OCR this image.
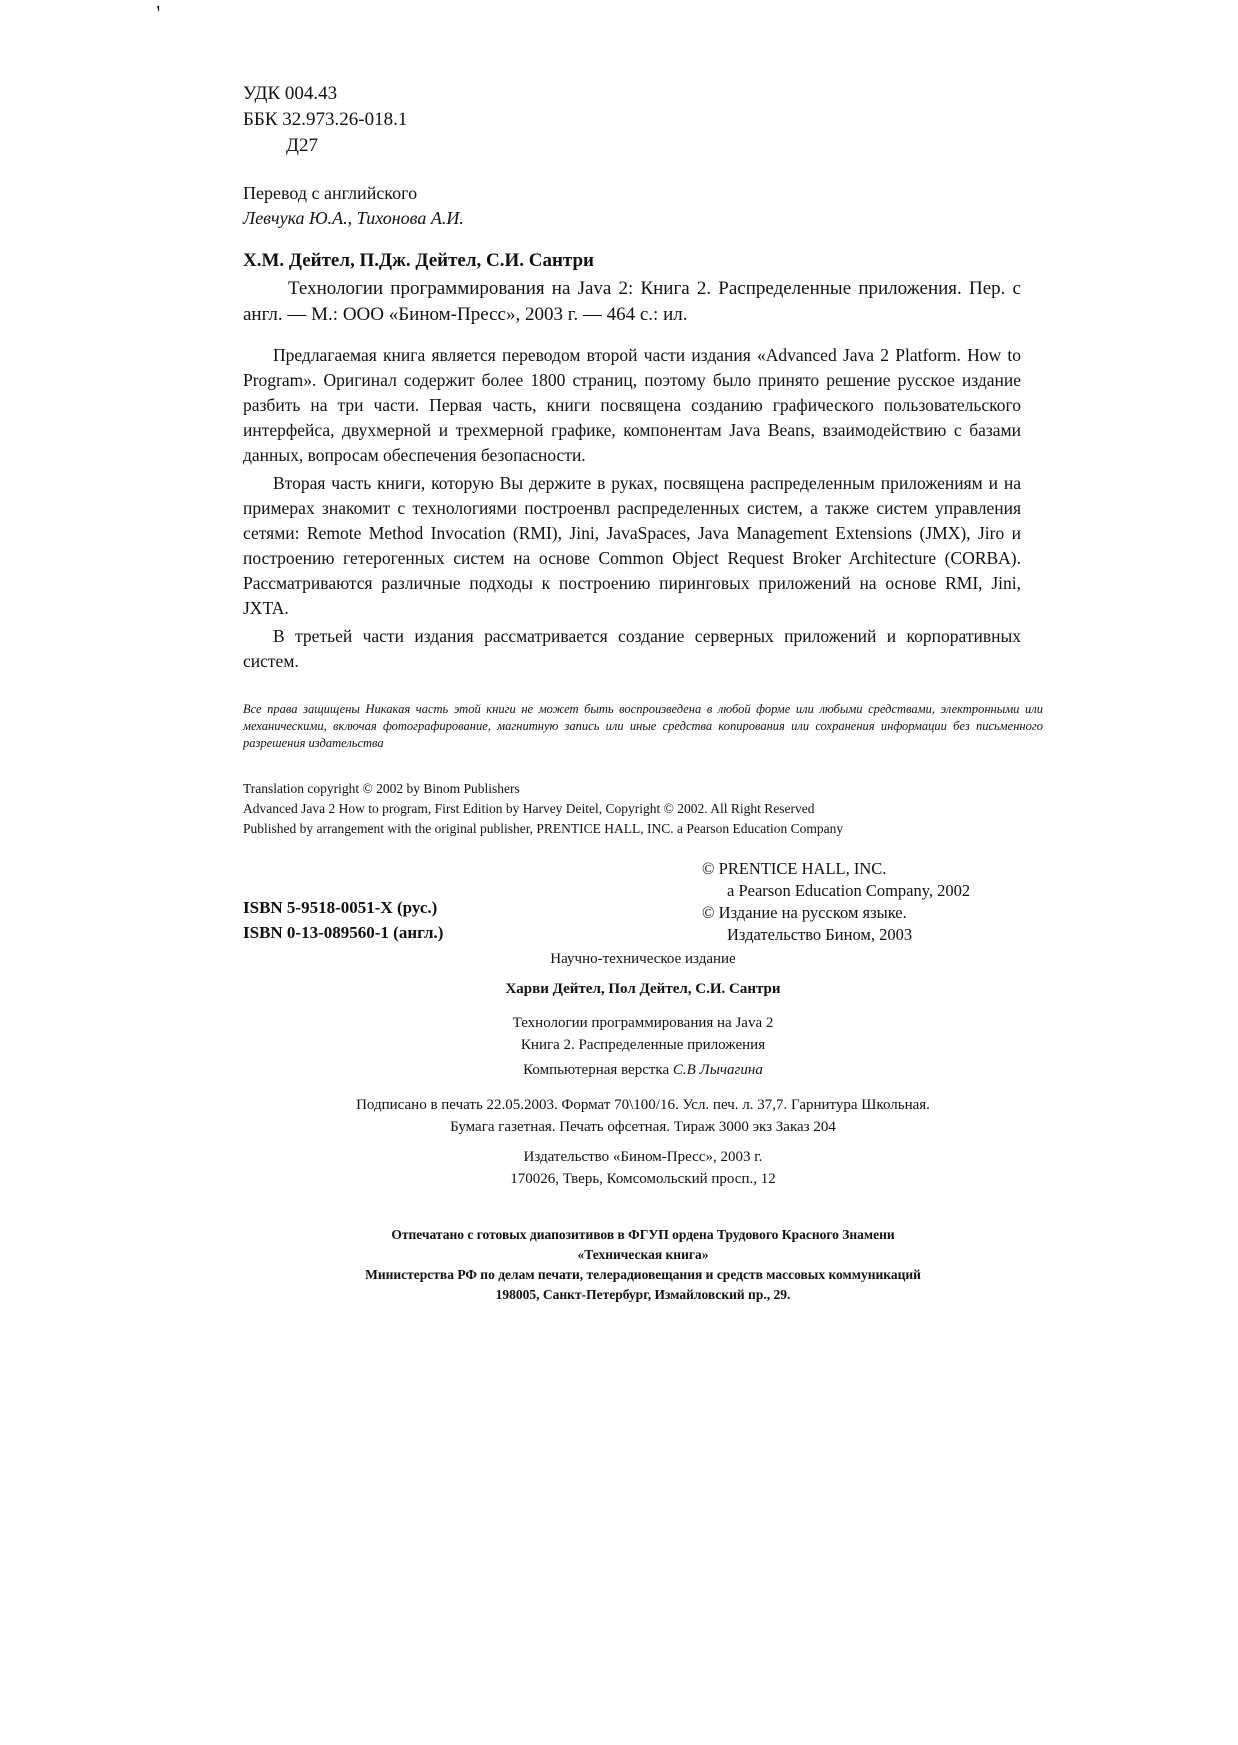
′
УДК 004.43
ББК 32.973.26-018.1
Д27
Перевод с английского
Левчука Ю.А., Тихонова А.И.
Х.М. Дейтел, П.Дж. Дейтел, С.И. Сантри

Технологии программирования на Java 2: Книга 2. Распределенные приложения. Пер. с англ. — М.: ООО «Бином-Пресс», 2003 г. — 464 с.: ил.

Предлагаемая книга является переводом второй части издания «Advanced Java 2 Platform. How to Program». Оригинал содержит более 1800 страниц, поэтому было принято решение русское издание разбить на три части. Первая часть, книги посвящена созданию графического пользовательского интерфейса, двухмерной и трехмерной графике, компонентам Java Beans, взаимодействию с базами данных, вопросам обеспечения безопасности.

Вторая часть книги, которую Вы держите в руках, посвящена распределенным приложениям и на примерах знакомит с технологиями построенвл распределенных систем, а также систем управления сетями: Remote Method Invocation (RMI), Jini, JavaSpaces, Java Management Extensions (JMX), Jiro и построению гетерогенных систем на основе Common Object Request Broker Architecture (CORBA). Рассматриваются различные подходы к построению пиринговых приложений на основе RMI, Jini, JXTA.

В третьей части издания рассматривается создание серверных приложений и корпоративных систем.

Все права защищены Никакая часть этой книги не может быть воспроизведена в любой форме или любыми средствами, электронными или механическими, включая фотографирование, магнитную запись или иные средства копирования или сохранения информации без письменного разрешения издательства
Translation copyright © 2002 by Binom Publishers
Advanced Java 2 How to program, First Edition by Harvey Deitel, Copyright © 2002. All Right Reserved
Published by arrangement with the original publisher, PRENTICE HALL, INC. a Pearson Education Company
ISBN 5-9518-0051-X (рус.)
ISBN 0-13-089560-1 (англ.)
© PRENTICE HALL, INC.
a Pearson Education Company, 2002
© Издание на русском языке.
Издательство Бином, 2003
Научно-техническое издание
Харви Дейтел, Пол Дейтел, С.И. Сантри
Технологии программирования на Java 2
Книга 2. Распределенные приложения
Компьютерная верстка С.В Лычагина
Подписано в печать 22.05.2003. Формат 70\100/16. Усл. печ. л. 37,7. Гарнитура Школьная.
Бумага газетная. Печать офсетная. Тираж 3000 экз Заказ 204
Издательство «Бином-Пресс», 2003 г.
170026, Тверь, Комсомольский просп., 12
Отпечатано с готовых диапозитивов в ФГУП ордена Трудового Красного Знамени
«Техническая книга»
Министерства РФ по делам печати, телерадиовещания и средств массовых коммуникаций
198005, Санкт-Петербург, Измайловский пр., 29.
